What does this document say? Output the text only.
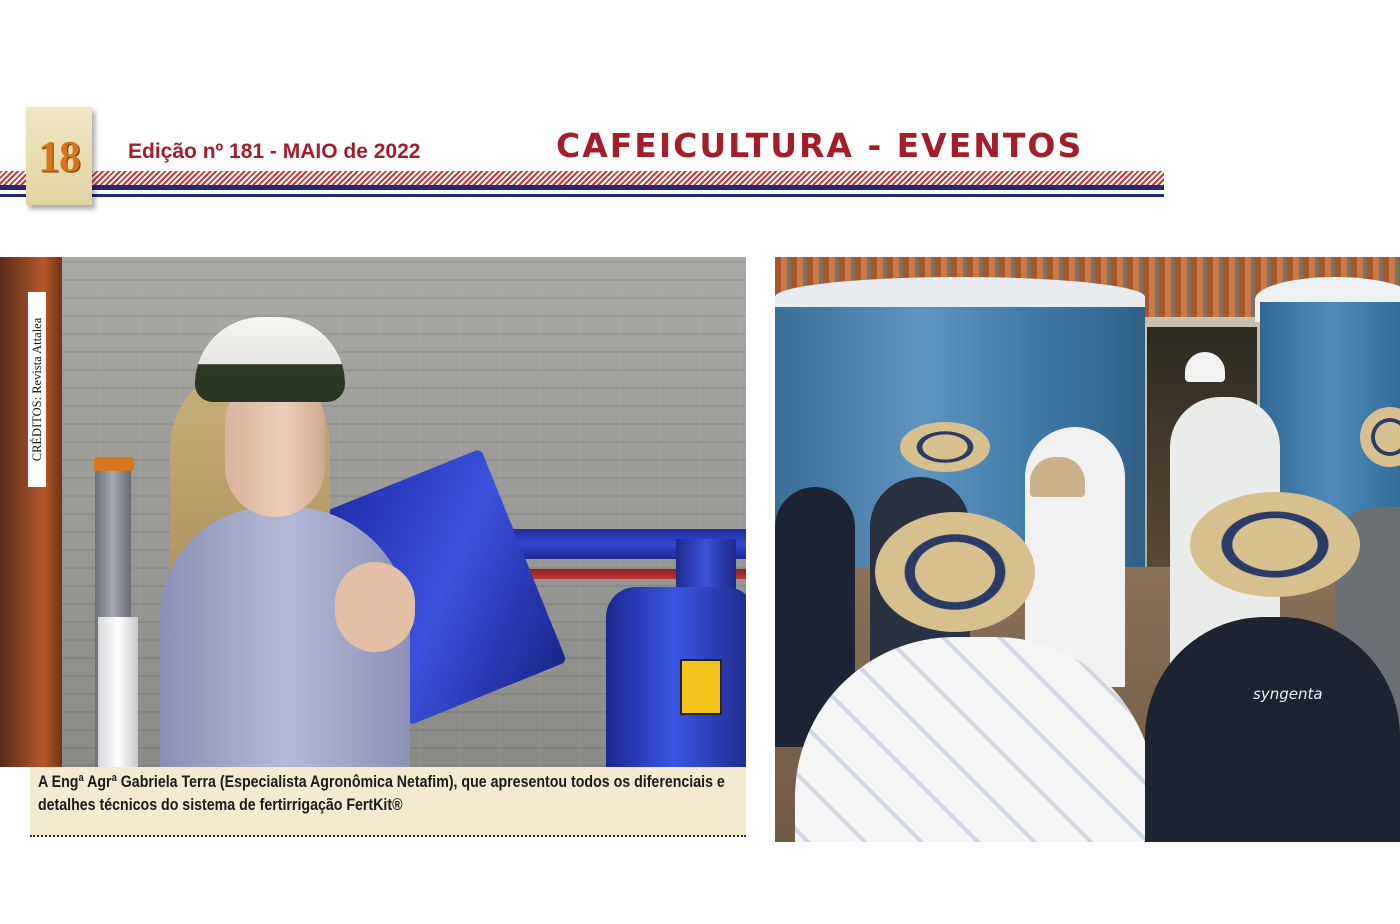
18	Edição nº 181 - MAIO de 2022	CAFEICULTURA - EVENTOS
CRÉDITOS: Revista Attalea
A Engª Agrª Gabriela Terra (Especialista Agronômica Netafim), que apresentou todos os diferenciais e detalhes técnicos do sistema de fertirrigação FertKit®
syngenta
